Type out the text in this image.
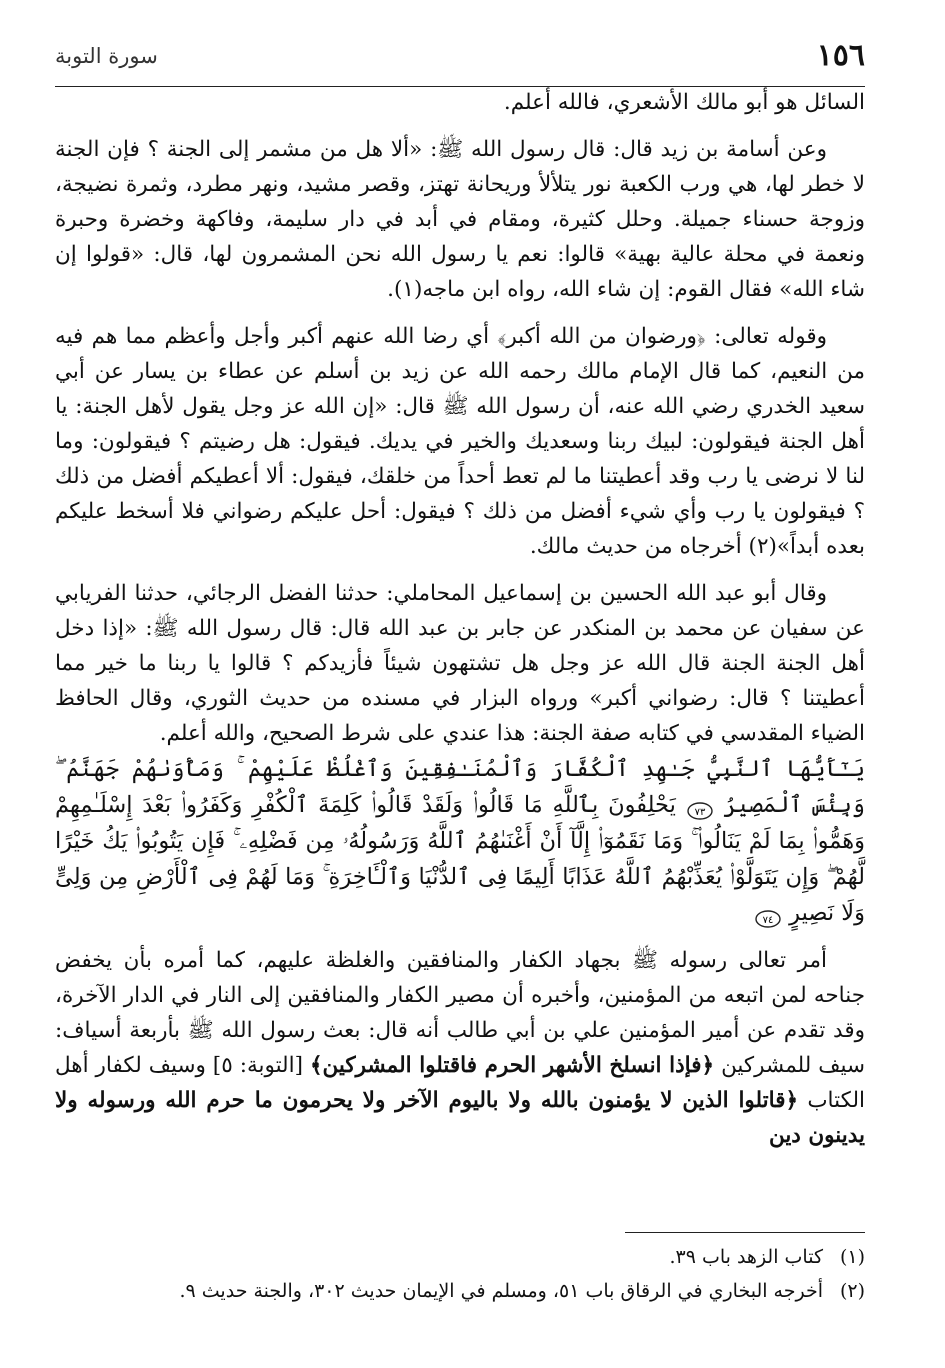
١٥٦
سورة التوبة

السائل هو أبو مالك الأشعري، فالله أعلم.

وعن أسامة بن زيد قال: قال رسول الله ﷺ: «ألا هل من مشمر إلى الجنة ؟ فإن الجنة لا خطر لها، هي ورب الكعبة نور يتلألأ وريحانة تهتز، وقصر مشيد، ونهر مطرد، وثمرة نضيجة، وزوجة حسناء جميلة. وحلل كثيرة، ومقام في أبد في دار سليمة، وفاكهة وخضرة وحبرة ونعمة في محلة عالية بهية» قالوا: نعم يا رسول الله نحن المشمرون لها، قال: «قولوا إن شاء الله» فقال القوم: إن شاء الله، رواه ابن ماجه(١).

وقوله تعالى: ﴿ورضوان من الله أكبر﴾ أي رضا الله عنهم أكبر وأجل وأعظم مما هم فيه من النعيم، كما قال الإمام مالك رحمه الله عن زيد بن أسلم عن عطاء بن يسار عن أبي سعيد الخدري رضي الله عنه، أن رسول الله ﷺ قال: «إن الله عز وجل يقول لأهل الجنة: يا أهل الجنة فيقولون: لبيك ربنا وسعديك والخير في يديك. فيقول: هل رضيتم ؟ فيقولون: وما لنا لا نرضى يا رب وقد أعطيتنا ما لم تعط أحداً من خلقك، فيقول: ألا أعطيكم أفضل من ذلك ؟ فيقولون يا رب وأي شيء أفضل من ذلك ؟ فيقول: أحل عليكم رضواني فلا أسخط عليكم بعده أبداً»(٢) أخرجاه من حديث مالك.

وقال أبو عبد الله الحسين بن إسماعيل المحاملي: حدثنا الفضل الرجائي، حدثنا الفريابي عن سفيان عن محمد بن المنكدر عن جابر بن عبد الله قال: قال رسول الله ﷺ: «إذا دخل أهل الجنة الجنة قال الله عز وجل هل تشتهون شيئاً فأزيدكم ؟ قالوا يا ربنا ما خير مما أعطيتنا ؟ قال: رضواني أكبر» ورواه البزار في مسنده من حديث الثوري، وقال الحافظ الضياء المقدسي في كتابه صفة الجنة: هذا عندي على شرط الصحيح، والله أعلم.

يَـٰٓأَيُّهَا ٱلنَّبِيُّ جَـٰهِدِ ٱلْكُفَّارَ وَٱلْمُنَـٰفِقِينَ وَٱغْلُظْ عَلَيْهِمْ ۚ وَمَأْوَىٰهُمْ جَهَنَّمُ ۖ وَبِئْسَ ٱلْمَصِيرُ
٧٣
يَحْلِفُونَ بِٱللَّهِ مَا قَالُوا۟ وَلَقَدْ قَالُوا۟ كَلِمَةَ ٱلْكُفْرِ وَكَفَرُوا۟ بَعْدَ إِسْلَـٰمِهِمْ وَهَمُّوا۟ بِمَا لَمْ يَنَالُوا۟ ۚ وَمَا نَقَمُوٓا۟ إِلَّآ أَنْ أَغْنَىٰهُمُ ٱللَّهُ وَرَسُولُهُۥ مِن فَضْلِهِۦ ۚ فَإِن يَتُوبُوا۟ يَكُ خَيْرًا لَّهُمْ ۖ وَإِن يَتَوَلَّوْا۟ يُعَذِّبْهُمُ ٱللَّهُ عَذَابًا أَلِيمًا فِى ٱلدُّنْيَا وَٱلْـَٔاخِرَةِ ۚ وَمَا لَهُمْ فِى ٱلْأَرْضِ مِن وَلِىٍّ وَلَا نَصِيرٍ
٧٤

أمر تعالى رسوله ﷺ بجهاد الكفار والمنافقين والغلظة عليهم، كما أمره بأن يخفض جناحه لمن اتبعه من المؤمنين، وأخبره أن مصير الكفار والمنافقين إلى النار في الدار الآخرة، وقد تقدم عن أمير المؤمنين علي بن أبي طالب أنه قال: بعث رسول الله ﷺ بأربعة أسياف: سيف للمشركين ﴿فإذا انسلخ الأشهر الحرم فاقتلوا المشركين﴾ [التوبة: ٥] وسيف لكفار أهل الكتاب ﴿قاتلوا الذين لا يؤمنون بالله ولا باليوم الآخر ولا يحرمون ما حرم الله ورسوله ولا يدينون دين

(١)
كتاب الزهد باب ٣٩.
(٢)
أخرجه البخاري في الرقاق باب ٥١، ومسلم في الإيمان حديث ٣٠٢، والجنة حديث ٩.
